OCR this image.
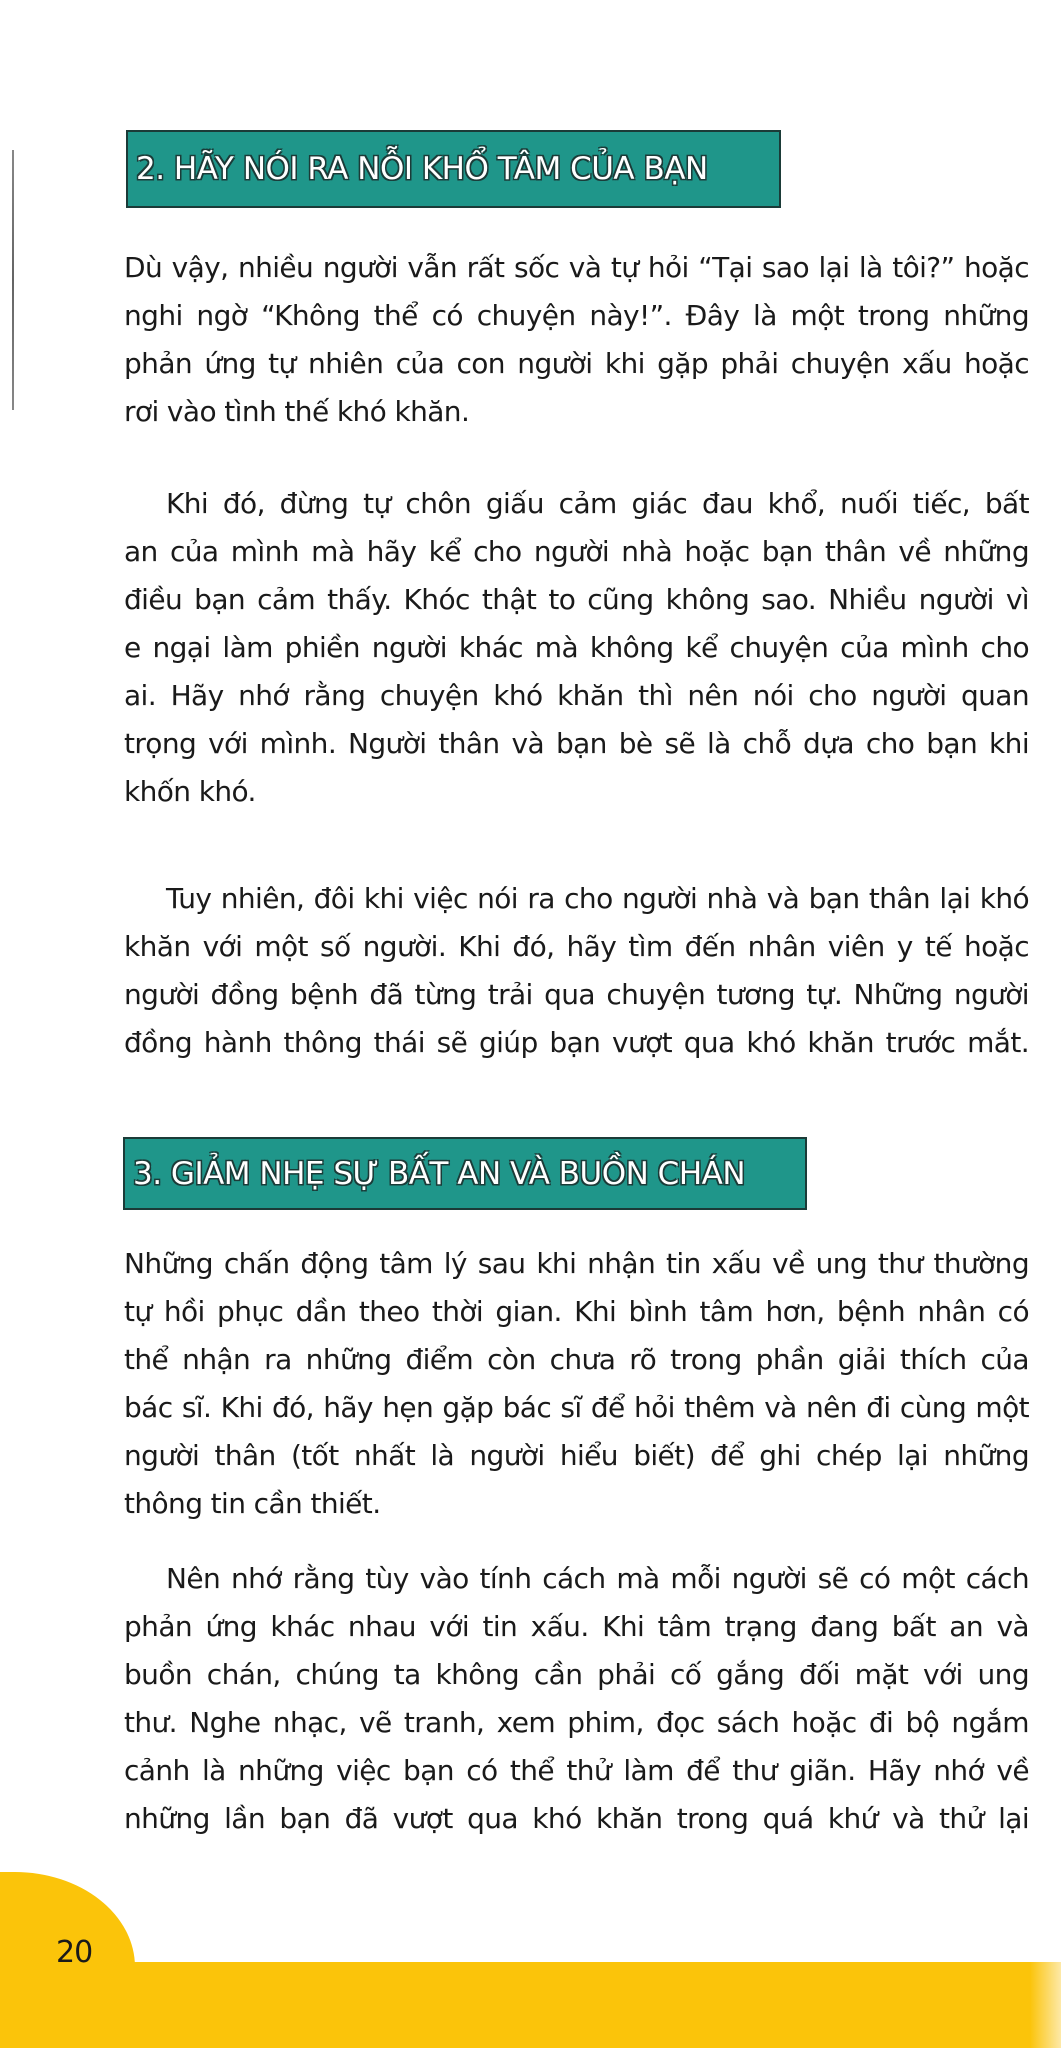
2. HÃY NÓI RA NỖI KHỔ TÂM CỦA BẠN
Dù vậy, nhiều người vẫn rất sốc và tự hỏi “Tại sao lại là tôi?” hoặc
nghi ngờ “Không thể có chuyện này!”. Đây là một trong những
phản ứng tự nhiên của con người khi gặp phải chuyện xấu hoặc
rơi vào tình thế khó khăn.
Khi đó, đừng tự chôn giấu cảm giác đau khổ, nuối tiếc, bất
an của mình mà hãy kể cho người nhà hoặc bạn thân về những
điều bạn cảm thấy. Khóc thật to cũng không sao. Nhiều người vì
e ngại làm phiền người khác mà không kể chuyện của mình cho
ai. Hãy nhớ rằng chuyện khó khăn thì nên nói cho người quan
trọng với mình. Người thân và bạn bè sẽ là chỗ dựa cho bạn khi
khốn khó.
Tuy nhiên, đôi khi việc nói ra cho người nhà và bạn thân lại khó
khăn với một số người. Khi đó, hãy tìm đến nhân viên y tế hoặc
người đồng bệnh đã từng trải qua chuyện tương tự. Những người
đồng hành thông thái sẽ giúp bạn vượt qua khó khăn trước mắt.
3. GIẢM NHẸ SỰ BẤT AN VÀ BUỒN CHÁN
Những chấn động tâm lý sau khi nhận tin xấu về ung thư thường
tự hồi phục dần theo thời gian. Khi bình tâm hơn, bệnh nhân có
thể nhận ra những điểm còn chưa rõ trong phần giải thích của
bác sĩ. Khi đó, hãy hẹn gặp bác sĩ để hỏi thêm và nên đi cùng một
người thân (tốt nhất là người hiểu biết) để ghi chép lại những
thông tin cần thiết.
Nên nhớ rằng tùy vào tính cách mà mỗi người sẽ có một cách
phản ứng khác nhau với tin xấu. Khi tâm trạng đang bất an và
buồn chán, chúng ta không cần phải cố gắng đối mặt với ung
thư. Nghe nhạc, vẽ tranh, xem phim, đọc sách hoặc đi bộ ngắm
cảnh là những việc bạn có thể thử làm để thư giãn. Hãy nhớ về
những lần bạn đã vượt qua khó khăn trong quá khứ và thử lại
20
